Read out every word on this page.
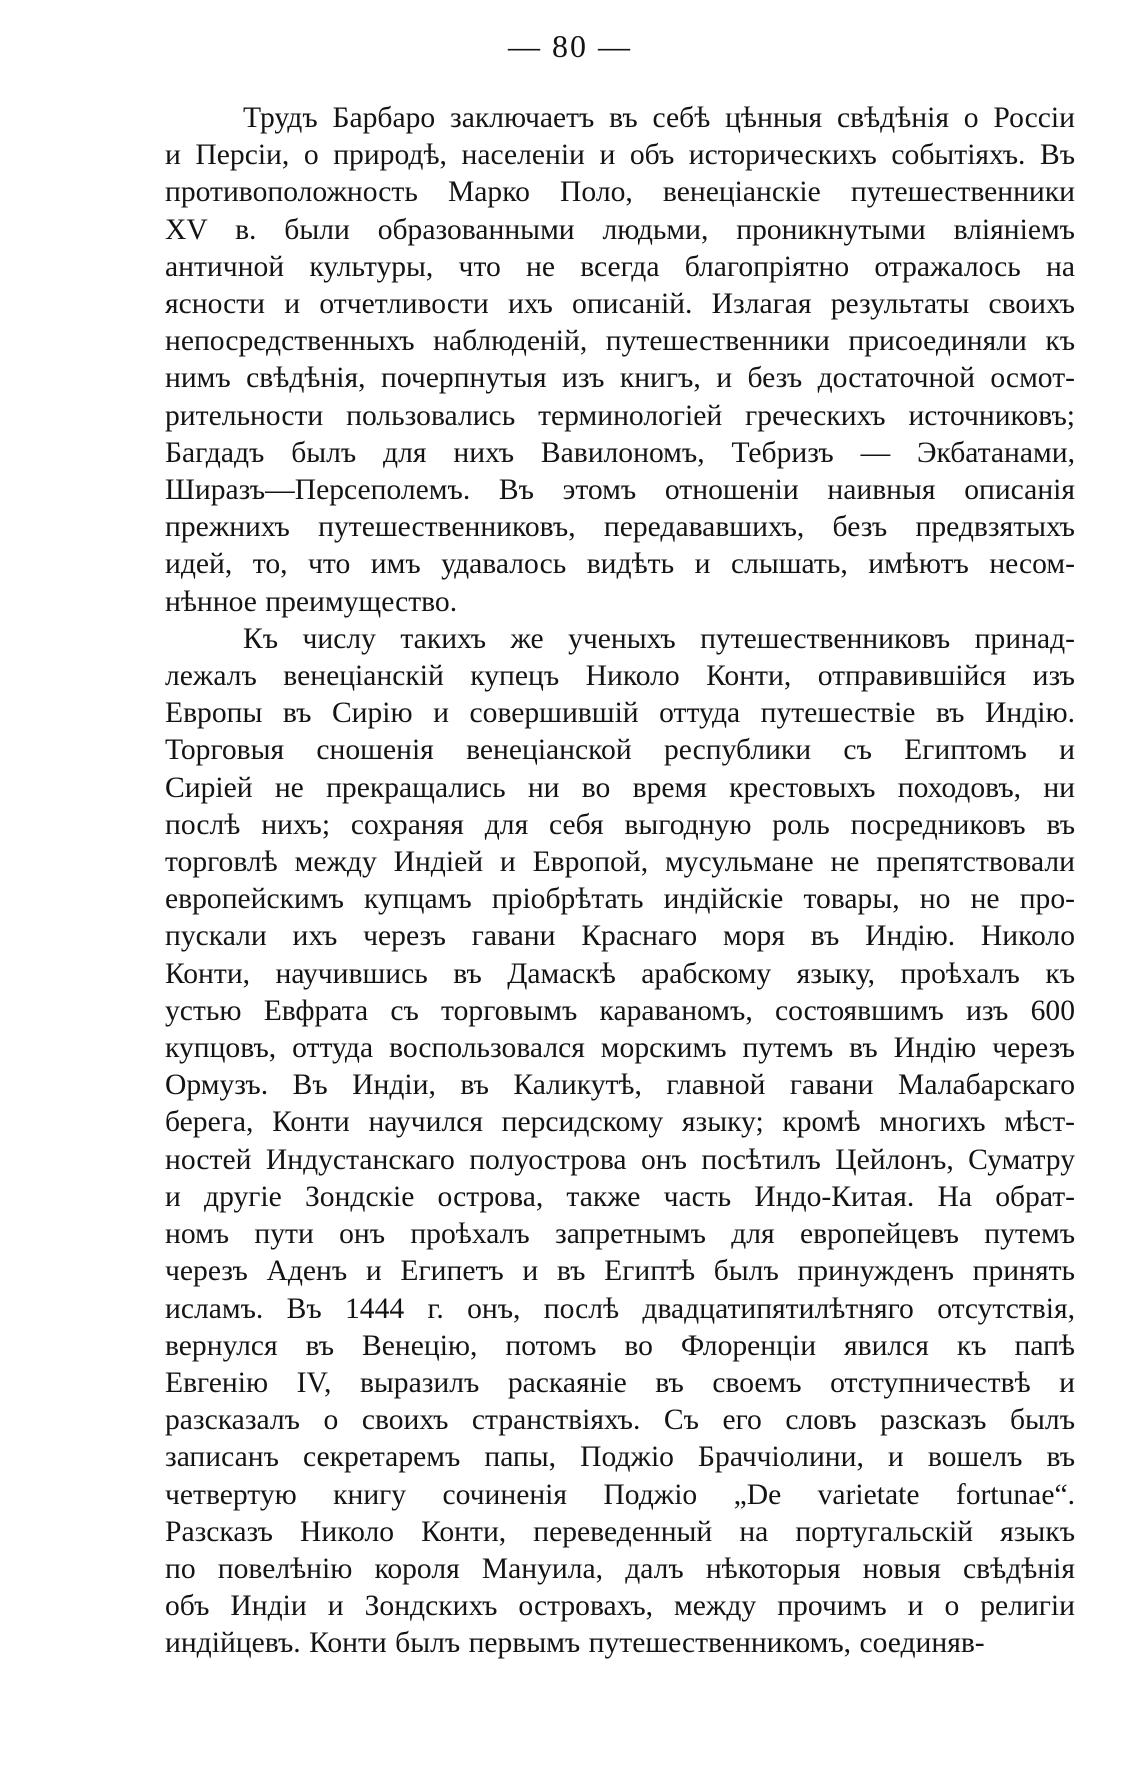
— 80 —

Трудъ Барбаро заключаетъ въ себѣ цѣнныя свѣдѣнія о Россіи
и Персіи, о природѣ, населеніи и объ историческихъ событіяхъ. Въ
противоположность Марко Поло, венеціанскіе путешественники
XV в. были образованными людьми, проникнутыми вліяніемъ
античной культуры, что не всегда благопріятно отражалось на
ясности и отчетливости ихъ описаній. Излагая результаты своихъ
непосредственныхъ наблюденій, путешественники присоединяли къ
нимъ свѣдѣнія, почерпнутыя изъ книгъ, и безъ достаточной осмот-
рительности пользовались терминологіей греческихъ источниковъ;
Багдадъ былъ для нихъ Вавилономъ, Тебризъ — Экбатанами,
Ширазъ—Персеполемъ. Въ этомъ отношеніи наивныя описанія
прежнихъ путешественниковъ, передававшихъ, безъ предвзятыхъ
идей, то, что имъ удавалось видѣть и слышать, имѣютъ несом-
нѣнное преимущество.

Къ числу такихъ же ученыхъ путешественниковъ принад-
лежалъ венеціанскій купецъ Николо Конти, отправившійся изъ
Европы въ Сирію и совершившій оттуда путешествіе въ Индію.
Торговыя сношенія венеціанской республики съ Египтомъ и
Сиріей не прекращались ни во время крестовыхъ походовъ, ни
послѣ нихъ; сохраняя для себя выгодную роль посредниковъ въ
торговлѣ между Индіей и Европой, мусульмане не препятствовали
европейскимъ купцамъ пріобрѣтать индійскіе товары, но не про-
пускали ихъ черезъ гавани Краснаго моря въ Индію. Николо
Конти, научившись въ Дамаскѣ арабскому языку, проѣхалъ къ
устью Евфрата съ торговымъ караваномъ, состоявшимъ изъ 600
купцовъ, оттуда воспользовался морскимъ путемъ въ Индію черезъ
Ормузъ. Въ Индіи, въ Каликутѣ, главной гавани Малабарскаго
берега, Конти научился персидскому языку; кромѣ многихъ мѣст-
ностей Индустанскаго полуострова онъ посѣтилъ Цейлонъ, Суматру
и другіе Зондскіе острова, также часть Индо-Китая. На обрат-
номъ пути онъ проѣхалъ запретнымъ для европейцевъ путемъ
черезъ Аденъ и Египетъ и въ Египтѣ былъ принужденъ принять
исламъ. Въ 1444 г. онъ, послѣ двадцатипятилѣтняго отсутствія,
вернулся въ Венецію, потомъ во Флоренціи явился къ папѣ
Евгенію IV, выразилъ раскаяніе въ своемъ отступничествѣ и
разсказалъ о своихъ странствіяхъ. Съ его словъ разсказъ былъ
записанъ секретаремъ папы, Поджіо Браччіолини, и вошелъ въ
четвертую книгу сочиненія Поджіо „De varietate fortunae“.
Разсказъ Николо Конти, переведенный на португальскій языкъ
по повелѣнію короля Мануила, далъ нѣкоторыя новыя свѣдѣнія
объ Индіи и Зондскихъ островахъ, между прочимъ и о религіи
индійцевъ. Конти былъ первымъ путешественникомъ, соединяв-
